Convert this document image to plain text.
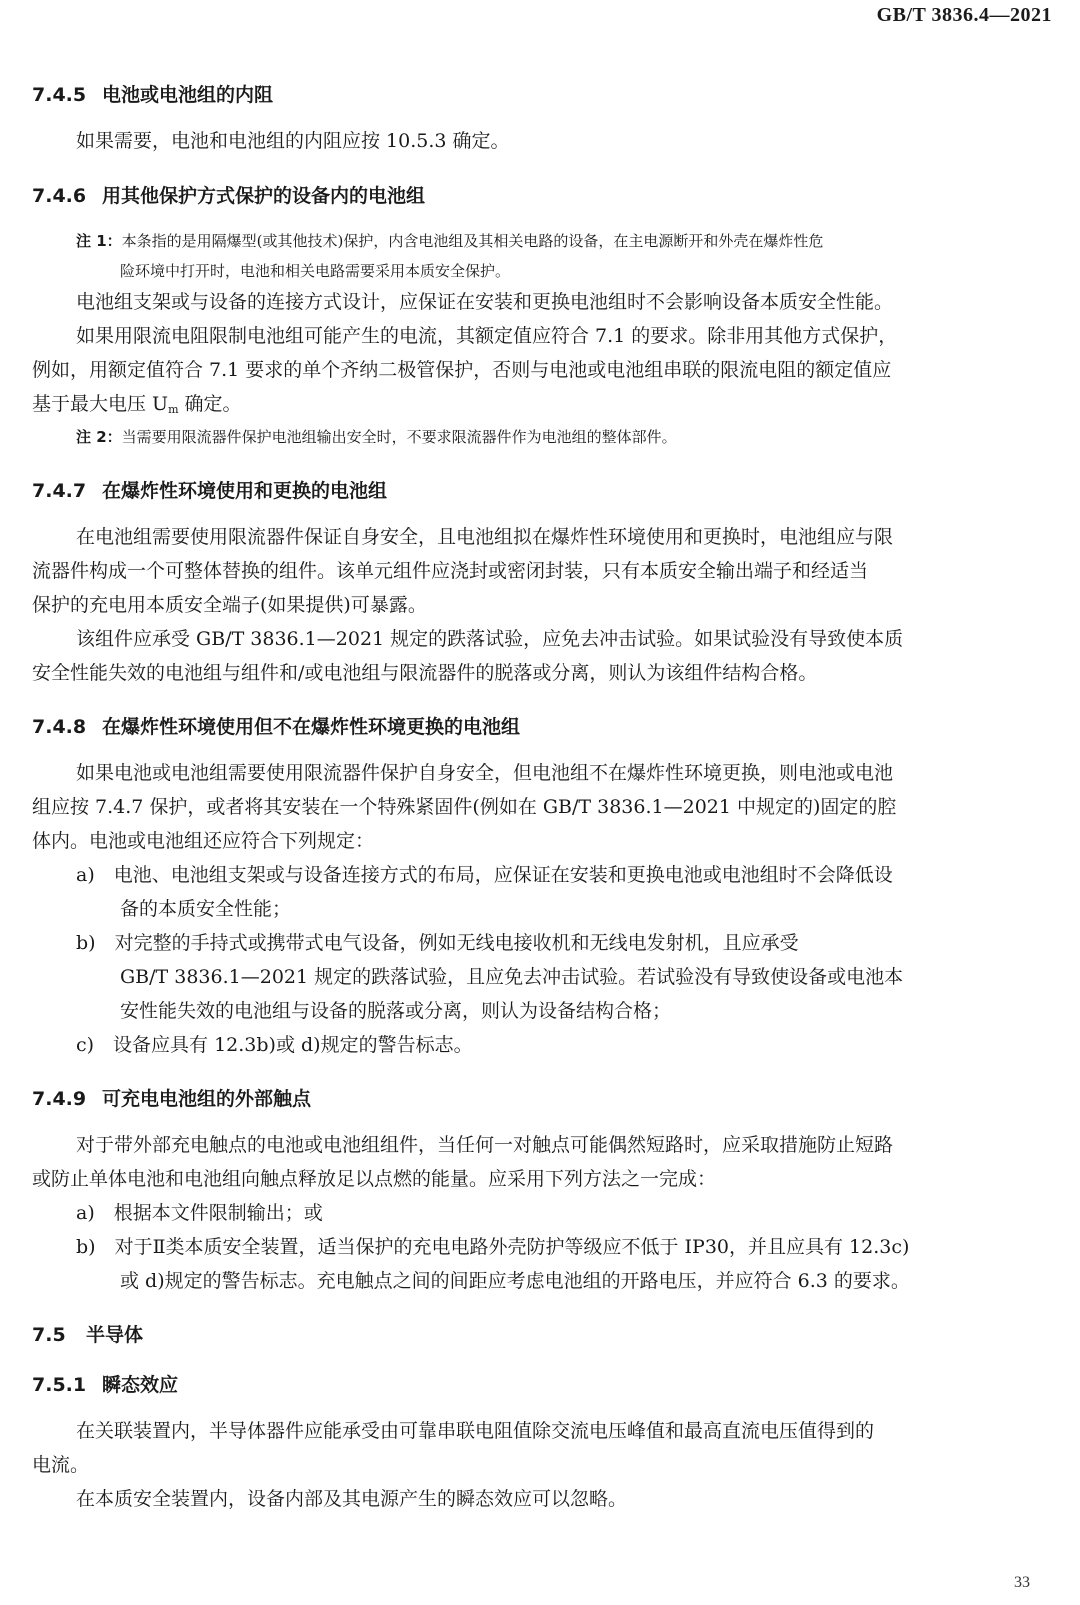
GB/T 3836.4—2021
7.4.5 电池或电池组的内阻
如果需要，电池和电池组的内阻应按 10.5.3 确定。
7.4.6 用其他保护方式保护的设备内的电池组
注 1：本条指的是用隔爆型(或其他技术)保护，内含电池组及其相关电路的设备，在主电源断开和外壳在爆炸性危
险环境中打开时，电池和相关电路需要采用本质安全保护。
电池组支架或与设备的连接方式设计，应保证在安装和更换电池组时不会影响设备本质安全性能。
如果用限流电阻限制电池组可能产生的电流，其额定值应符合 7.1 的要求。除非用其他方式保护，
例如，用额定值符合 7.1 要求的单个齐纳二极管保护，否则与电池或电池组串联的限流电阻的额定值应
基于最大电压 $U_m$ 确定。
注 2：当需要用限流器件保护电池组输出安全时，不要求限流器件作为电池组的整体部件。
7.4.7 在爆炸性环境使用和更换的电池组
在电池组需要使用限流器件保证自身安全，且电池组拟在爆炸性环境使用和更换时，电池组应与限
流器件构成一个可整体替换的组件。该单元组件应浇封或密闭封装，只有本质安全输出端子和经适当
保护的充电用本质安全端子(如果提供)可暴露。
该组件应承受 GB/T 3836.1—2021 规定的跌落试验，应免去冲击试验。如果试验没有导致使本质
安全性能失效的电池组与组件和/或电池组与限流器件的脱落或分离，则认为该组件结构合格。
7.4.8 在爆炸性环境使用但不在爆炸性环境更换的电池组
如果电池或电池组需要使用限流器件保护自身安全，但电池组不在爆炸性环境更换，则电池或电池
组应按 7.4.7 保护，或者将其安装在一个特殊紧固件(例如在 GB/T 3836.1—2021 中规定的)固定的腔
体内。电池或电池组还应符合下列规定：
a)　电池、电池组支架或与设备连接方式的布局，应保证在安装和更换电池或电池组时不会降低设
备的本质安全性能；
b)　对完整的手持式或携带式电气设备，例如无线电接收机和无线电发射机，且应承受
GB/T 3836.1—2021 规定的跌落试验，且应免去冲击试验。若试验没有导致使设备或电池本
安性能失效的电池组与设备的脱落或分离，则认为设备结构合格；
c)　设备应具有 12.3b)或 d)规定的警告标志。
7.4.9 可充电电池组的外部触点
对于带外部充电触点的电池或电池组组件，当任何一对触点可能偶然短路时，应采取措施防止短路
或防止单体电池和电池组向触点释放足以点燃的能量。应采用下列方法之一完成：
a)　根据本文件限制输出；或
b)　对于Ⅱ类本质安全装置，适当保护的充电电路外壳防护等级应不低于 IP30，并且应具有 12.3c)
或 d)规定的警告标志。充电触点之间的间距应考虑电池组的开路电压，并应符合 6.3 的要求。
7.5 半导体
7.5.1 瞬态效应
在关联装置内，半导体器件应能承受由可靠串联电阻值除交流电压峰值和最高直流电压值得到的
电流。
在本质安全装置内，设备内部及其电源产生的瞬态效应可以忽略。
33
